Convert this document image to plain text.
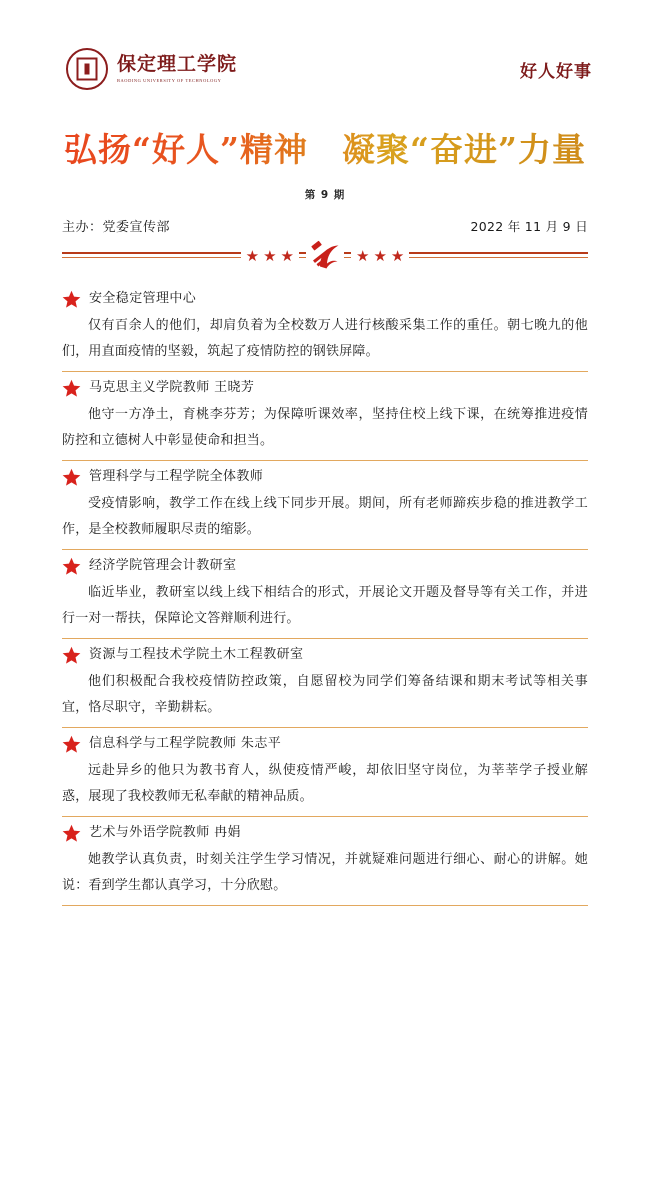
保定理工学院
BAODING UNIVERSITY OF TECHNOLOGY	好人好事
弘扬“好人”精神　凝聚“奋进”力量
第 9 期
主办：党委宣传部	2022 年 11 月 9 日
★ ★ ★	★ ★ ★
安全稳定管理中心
仅有百余人的他们，却肩负着为全校数万人进行核酸采集工作的重任。朝七晚九的他们，用直面疫情的坚毅，筑起了疫情防控的钢铁屏障。
马克思主义学院教师 王晓芳
他守一方净土，育桃李芬芳；为保障听课效率，坚持住校上线下课，在统筹推进疫情防控和立德树人中彰显使命和担当。
管理科学与工程学院全体教师
受疫情影响，教学工作在线上线下同步开展。期间，所有老师蹄疾步稳的推进教学工作，是全校教师履职尽责的缩影。
经济学院管理会计教研室
临近毕业，教研室以线上线下相结合的形式，开展论文开题及督导等有关工作，并进行一对一帮扶，保障论文答辩顺利进行。
资源与工程技术学院土木工程教研室
他们积极配合我校疫情防控政策，自愿留校为同学们筹备结课和期末考试等相关事宜，恪尽职守，辛勤耕耘。
信息科学与工程学院教师 朱志平
远赴异乡的他只为教书育人，纵使疫情严峻，却依旧坚守岗位，为莘莘学子授业解惑，展现了我校教师无私奉献的精神品质。
艺术与外语学院教师 冉娟
她教学认真负责，时刻关注学生学习情况，并就疑难问题进行细心、耐心的讲解。她说：看到学生都认真学习，十分欣慰。
